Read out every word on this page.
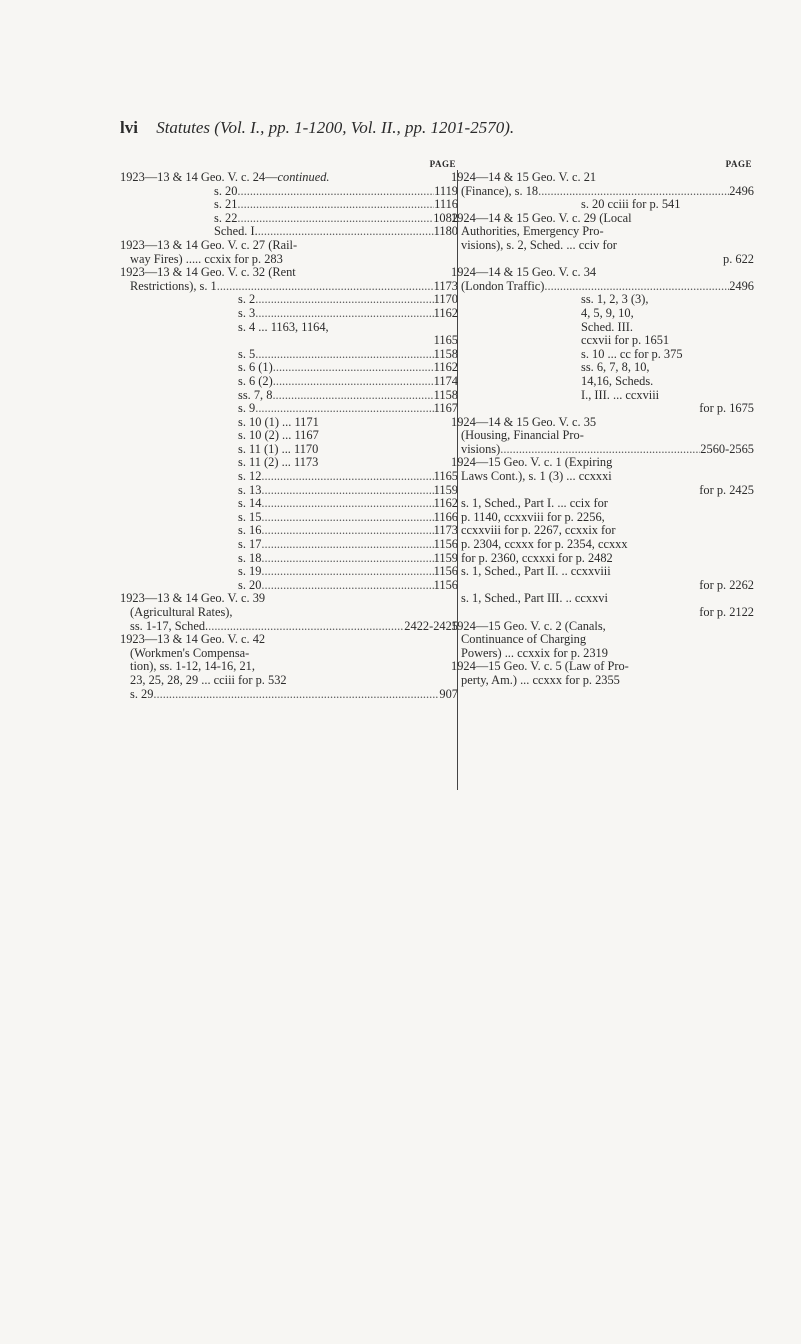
lvi Statutes (Vol. I., pp. 1-1200, Vol. II., pp. 1201-2570).
PAGE
1923—13 & 14 Geo. V. c. 24—continued.
s. 20 .....	1119
s. 21 .....	1116
s. 22 .....	1082
Sched. I. .....	1180
1923—13 & 14 Geo. V. c. 27 (Rail-
way Fires) ..... ccxix for p. 283
1923—13 & 14 Geo. V. c. 32 (Rent
Restrictions), s. 1 .....	1173
s. 2 .....	1170
s. 3 .....	1162
s. 4 ... 1163, 1164,
1165
s. 5 .....	1158
s. 6 (1) .....	1162
s. 6 (2) .....	1174
ss. 7, 8 .....	1158
s. 9 .....	1167
s. 10 (1) ... 1171
s. 10 (2) ... 1167
s. 11 (1) ... 1170
s. 11 (2) ... 1173
s. 12 .....	1165
s. 13 .....	1159
s. 14 .....	1162
s. 15 .....	1166
s. 16 .....	1173
s. 17 .....	1156
s. 18 .....	1159
s. 19 .....	1156
s. 20 .....	1156
1923—13 & 14 Geo. V. c. 39
(Agricultural Rates),
ss. 1-17, Sched. .....	2422-2425
1923—13 & 14 Geo. V. c. 42
(Workmen's Compensa-
tion), ss. 1-12, 14-16, 21,
23, 25, 28, 29 ... cciii for p. 532
s. 29 .....	907
PAGE
1924—14 & 15 Geo. V. c. 21
(Finance), s. 18 .....	2496
s. 20 cciii for p. 541
1924—14 & 15 Geo. V. c. 29 (Local
Authorities, Emergency Pro-
visions), s. 2, Sched. ... cciv for
p. 622
1924—14 & 15 Geo. V. c. 34
(London Traffic) .....	2496
ss. 1, 2, 3 (3),
4, 5, 9, 10,
Sched. III.
ccxvii for p. 1651
s. 10 ... cc for p. 375
ss. 6, 7, 8, 10,
14,16, Scheds.
I., III. ... ccxviii
for p. 1675
1924—14 & 15 Geo. V. c. 35
(Housing, Financial Pro-
visions) .....	2560-2565
1924—15 Geo. V. c. 1 (Expiring
Laws Cont.), s. 1 (3) ... ccxxxi
for p. 2425
s. 1, Sched., Part I. ... ccix for
p. 1140, ccxxviii for p. 2256,
ccxxviii for p. 2267, ccxxix for
p. 2304, ccxxx for p. 2354, ccxxx
for p. 2360, ccxxxi for p. 2482
s. 1, Sched., Part II. .. ccxxviii
for p. 2262
s. 1, Sched., Part III. .. ccxxvi
for p. 2122
1924—15 Geo. V. c. 2 (Canals,
Continuance of Charging
Powers) ... ccxxix for p. 2319
1924—15 Geo. V. c. 5 (Law of Pro-
perty, Am.) ... ccxxx for p. 2355
